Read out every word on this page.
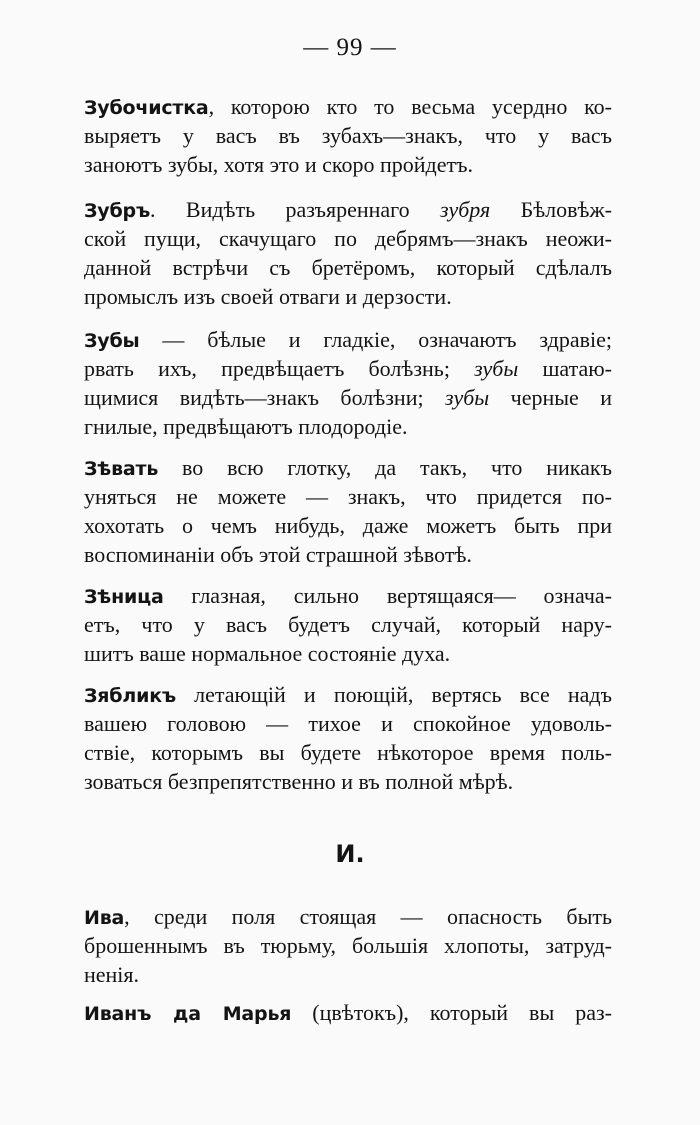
— 99 —
Зубочистка, которою кто то весьма усердно ко-
выряетъ у васъ въ зубахъ—знакъ, что у васъ
заноютъ зубы, хотя это и скоро пройдетъ.
Зубръ. Видѣть разъяреннаго зубря Бѣловѣж-
ской пущи, скачущаго по дебрямъ—знакъ неожи-
данной встрѣчи съ бретёромъ, который сдѣлалъ
промыслъ изъ своей отваги и дерзости.
Зубы — бѣлые и гладкіе, означаютъ здравіе;
рвать ихъ, предвѣщаетъ болѣзнь; зубы шатаю-
щимися видѣть—знакъ болѣзни; зубы черные и
гнилые, предвѣщаютъ плодородіе.
Зѣвать во всю глотку, да такъ, что никакъ
уняться не можете — знакъ, что придется по-
хохотать о чемъ нибудь, даже можетъ быть при
воспоминаніи объ этой страшной зѣвотѣ.
Зѣница глазная, сильно вертящаяся— означа-
етъ, что у васъ будетъ случай, который нару-
шитъ ваше нормальное состояніе духа.
Зябликъ летающій и поющій, вертясь все надъ
вашею головою — тихое и спокойное удоволь-
ствіе, которымъ вы будете нѣкоторое время поль-
зоваться безпрепятственно и въ полной мѣрѣ.
Ива, среди поля стоящая — опасность быть
брошеннымъ въ тюрьму, большія хлопоты, затруд-
ненія.
Иванъ да Марья (цвѣтокъ), который вы раз-
И.
